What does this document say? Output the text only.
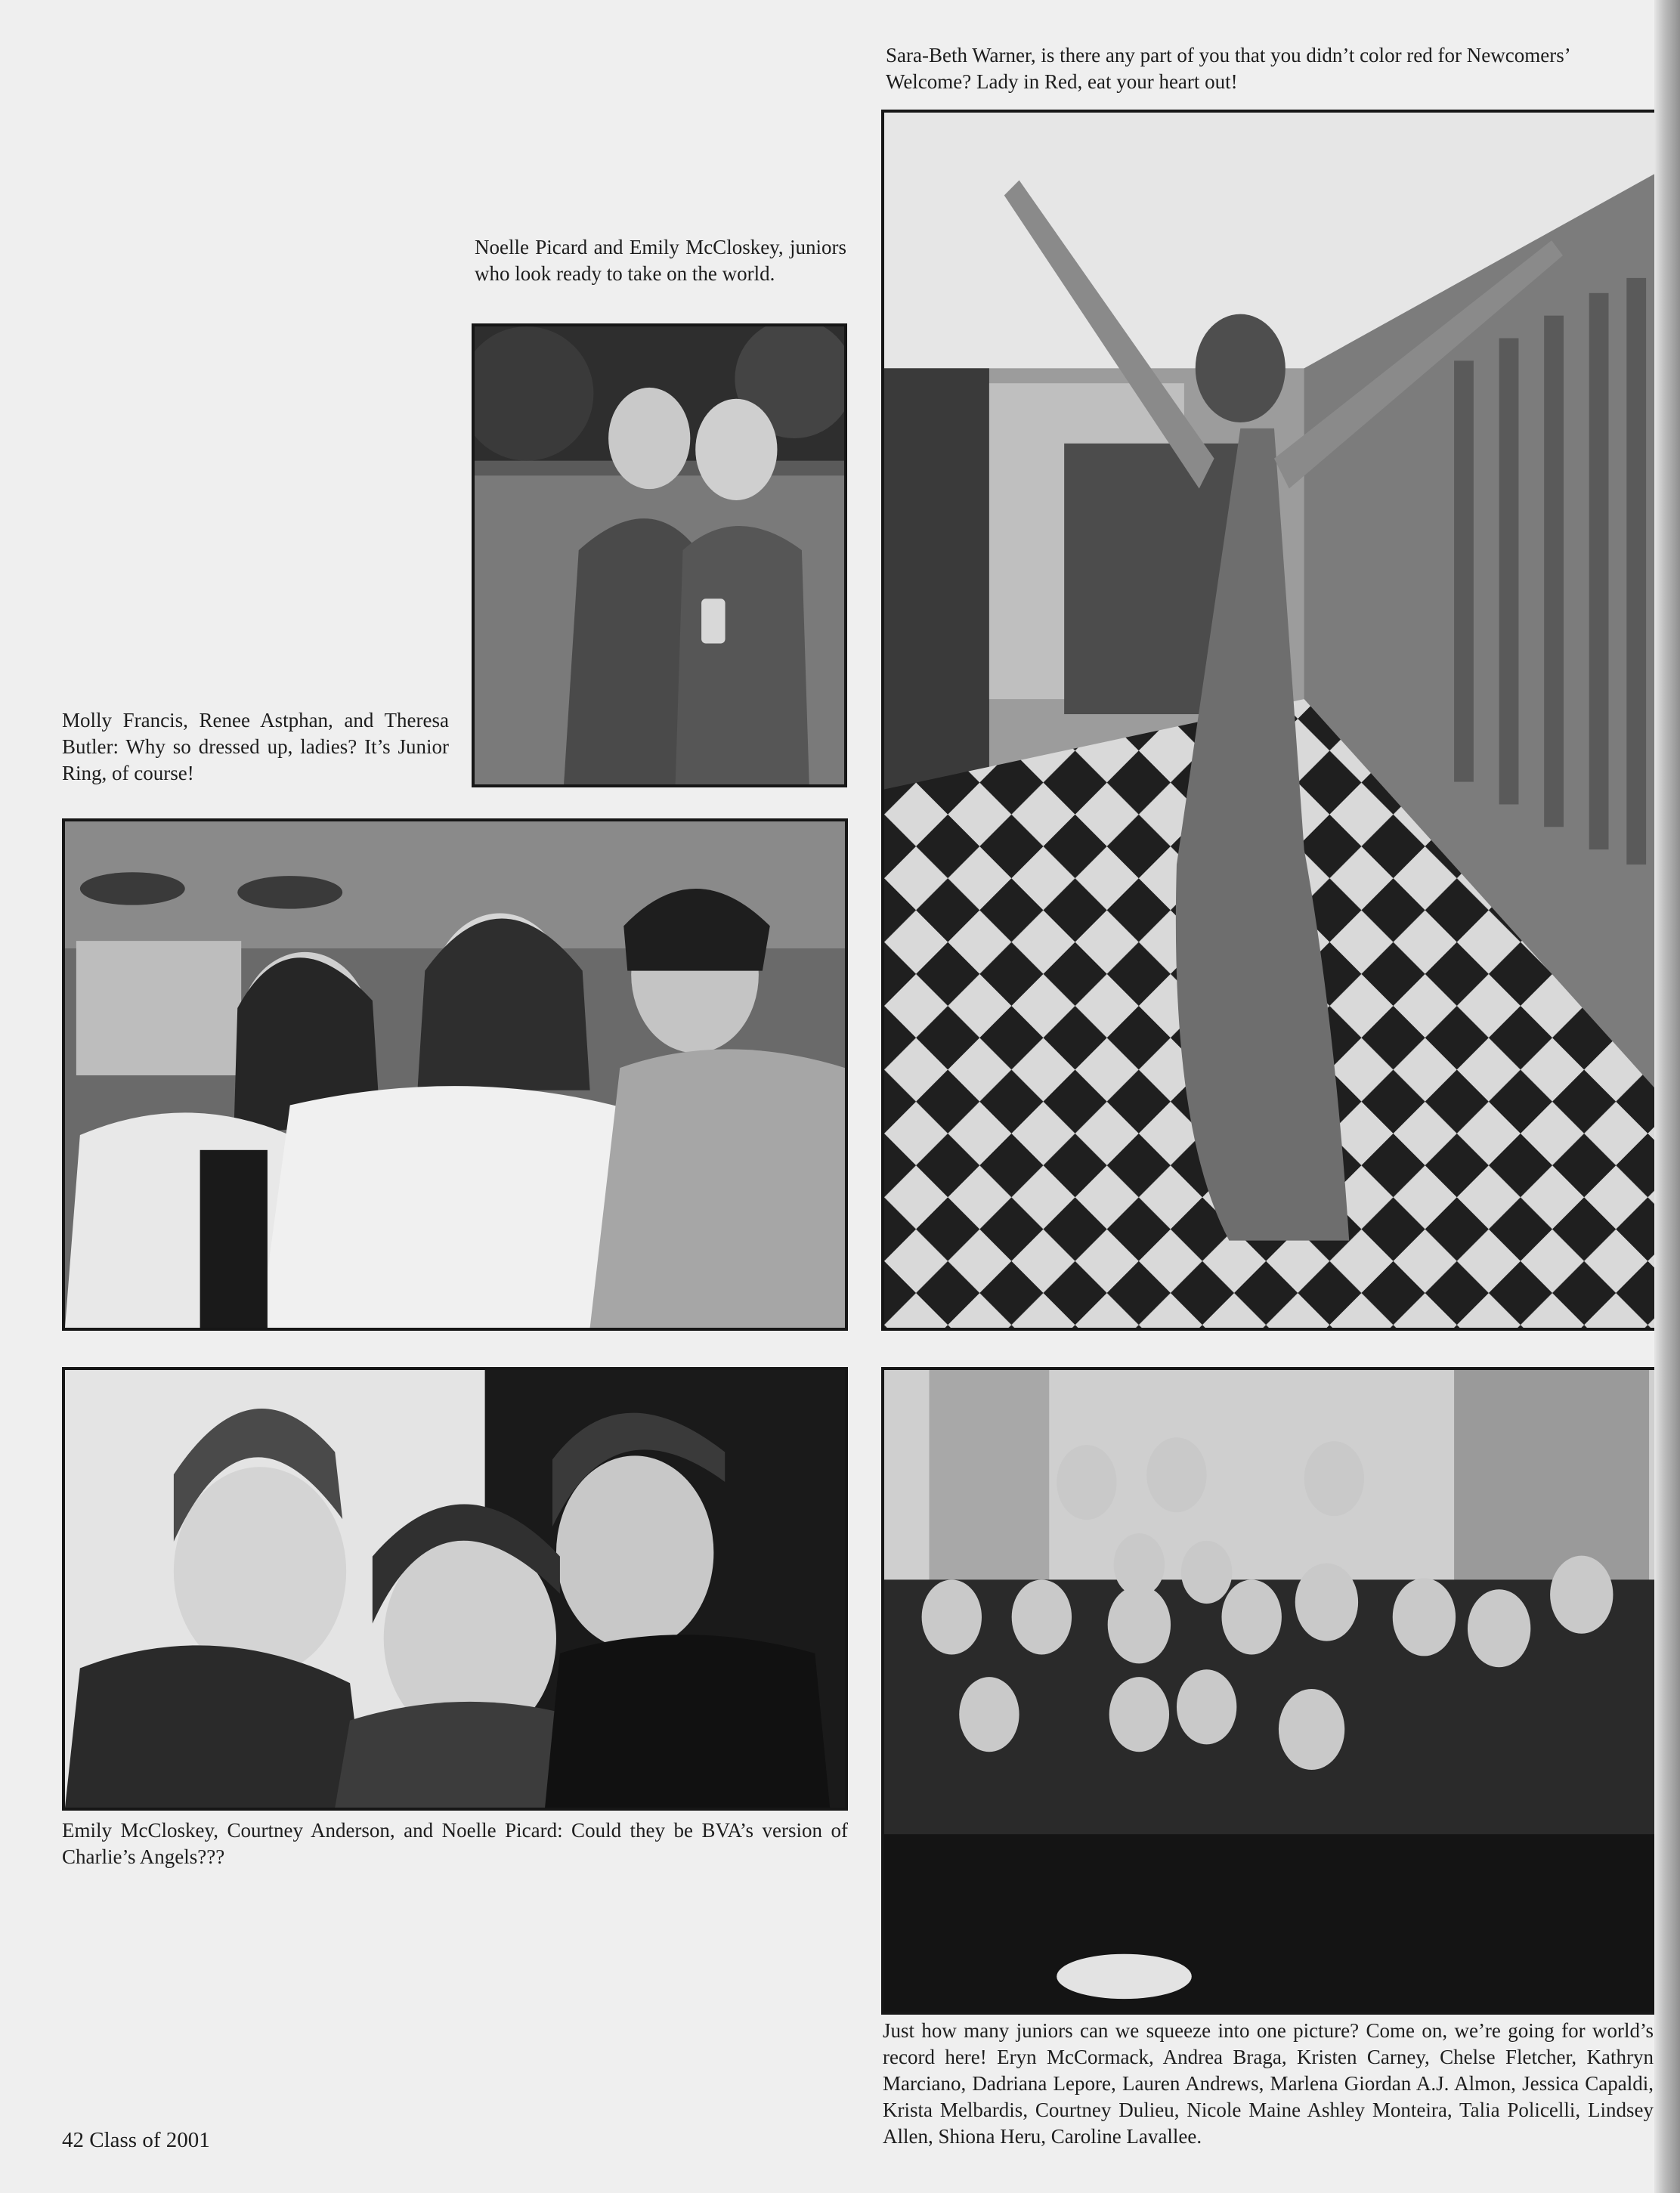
Sara-Beth Warner, is there any part of you that you didn’t color red for Newcomers’ Welcome? Lady in Red, eat your heart out!

Noelle Picard and Emily McCloskey, juniors who look ready to take on the world.

Molly Francis, Renee Astphan, and Theresa Butler: Why so dressed up, ladies? It’s Junior Ring, of course!

Emily McCloskey, Courtney Anderson, and Noelle Picard: Could they be BVA’s version of Charlie’s Angels???

Just how many juniors can we squeeze into one picture? Come on, we’re going for world’s record here! Eryn McCormack, Andrea Braga, Kristen Carney, Chelse Fletcher, Kathryn Marciano, Dadriana Lepore, Lauren Andrews, Marlena Giordan A.J. Almon, Jessica Capaldi, Krista Melbardis, Courtney Dulieu, Nicole Maine Ashley Monteira, Talia Policelli, Lindsey Allen, Shiona Heru, Caroline Lavallee.

42 Class of 2001
